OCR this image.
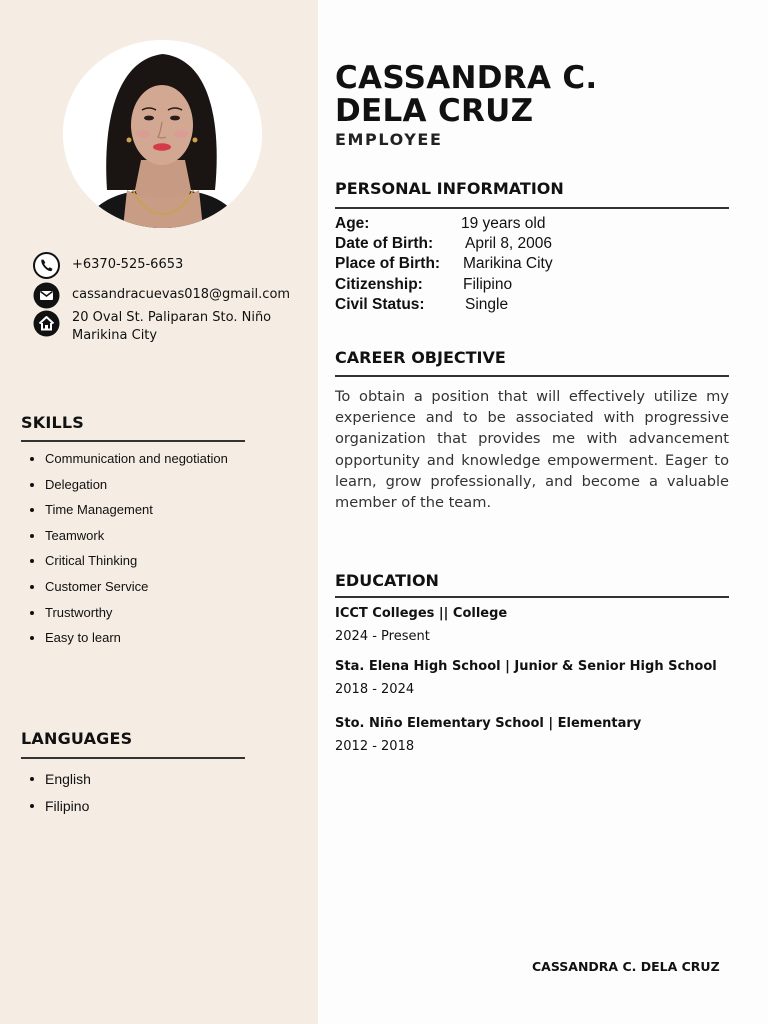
+6370-525-6653
cassandracuevas018@gmail.com
20 Oval St. Paliparan Sto. Niño
Marikina City
SKILLS
Communication and negotiation
Delegation
Time Management
Teamwork
Critical Thinking
Customer Service
Trustworthy
Easy to learn
LANGUAGES
English
Filipino
CASSANDRA C.
DELA CRUZ
EMPLOYEE
PERSONAL INFORMATION
Age:	19 years old
Date of Birth: April 8, 2006
Place of Birth: Marikina City
Citizenship:	Filipino
Civil Status:	Single
CAREER OBJECTIVE
To obtain a position that will effectively utilize my experience and to be associated with progressive organization that provides me with advancement opportunity and knowledge empowerment. Eager to learn, grow professionally, and become a valuable member of the team.
EDUCATION
ICCT Colleges || College
2024 - Present
Sta. Elena High School | Junior & Senior High School
2018 - 2024
Sto. Niño Elementary School | Elementary
2012 - 2018
CASSANDRA C. DELA CRUZ
